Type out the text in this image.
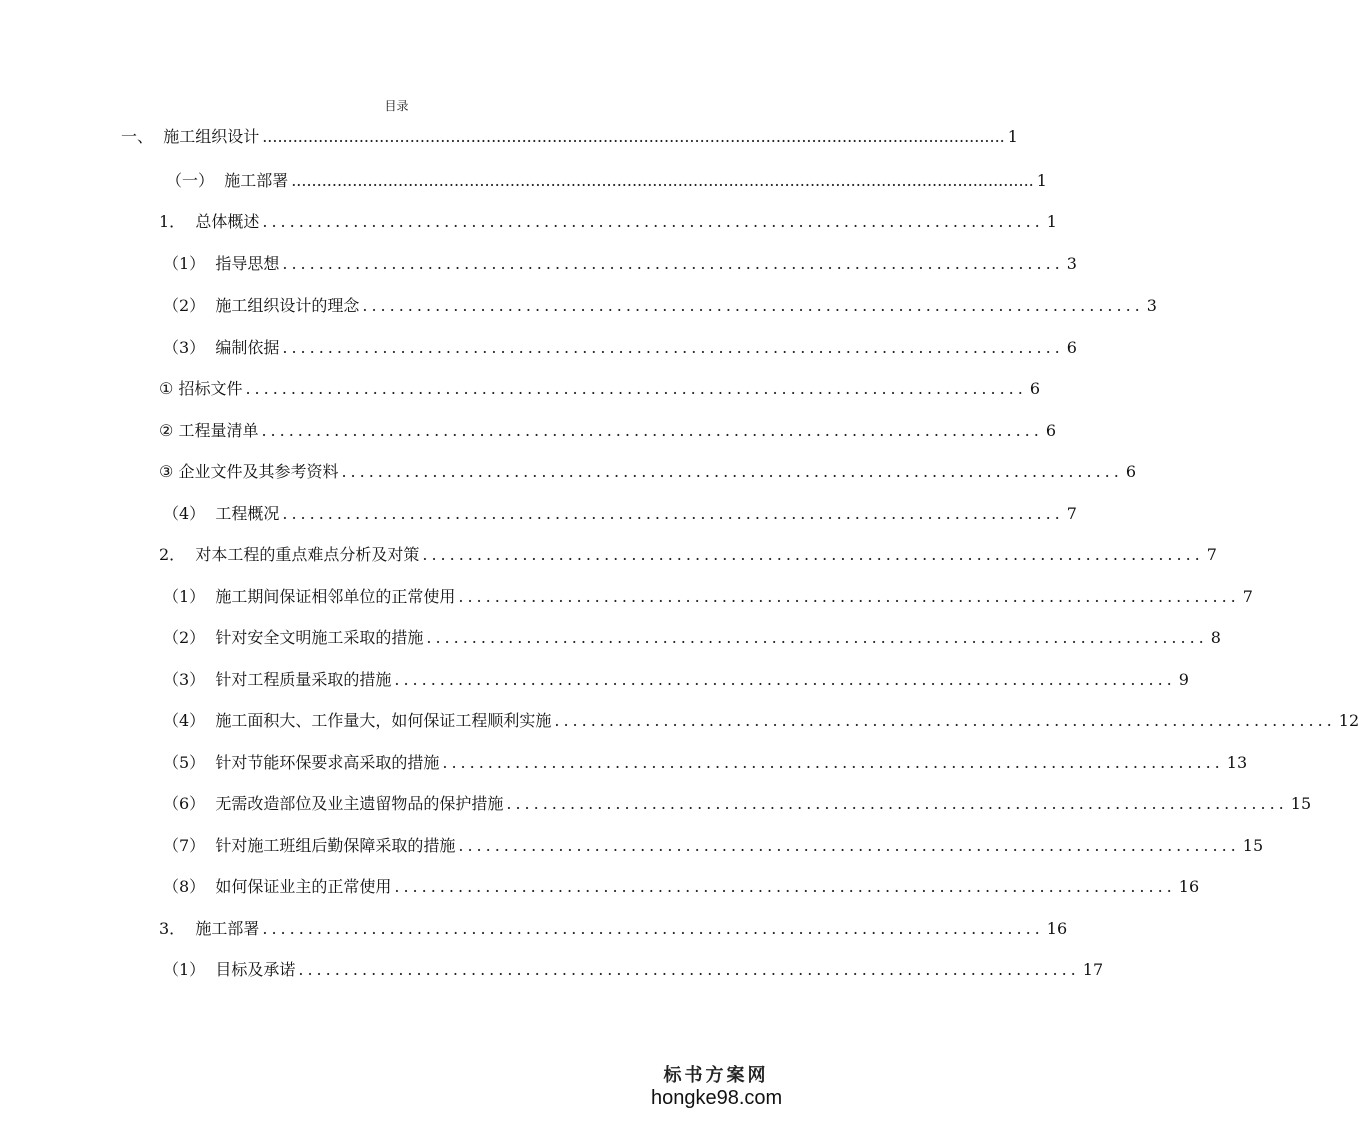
目录
一、 施工组织设计 .................................................................................................................................................. 1
（一） 施工部署 .................................................................................................................................................. 1
1． 总体概述 ...................................................................................... 1
（1） 指导思想 ...................................................................................... 3
（2） 施工组织设计的理念 ...................................................................................... 3
（3） 编制依据 ...................................................................................... 6
① 招标文件 ...................................................................................... 6
② 工程量清单 ...................................................................................... 6
③ 企业文件及其参考资料 ...................................................................................... 6
（4） 工程概况 ...................................................................................... 7
2． 对本工程的重点难点分析及对策 ...................................................................................... 7
（1） 施工期间保证相邻单位的正常使用 ...................................................................................... 7
（2） 针对安全文明施工采取的措施 ...................................................................................... 8
（3） 针对工程质量采取的措施 ...................................................................................... 9
（4） 施工面积大、工作量大，如何保证工程顺利实施 ...................................................................................... 12
（5） 针对节能环保要求高采取的措施 ...................................................................................... 13
（6） 无需改造部位及业主遗留物品的保护措施 ...................................................................................... 15
（7） 针对施工班组后勤保障采取的措施 ...................................................................................... 15
（8） 如何保证业主的正常使用 ...................................................................................... 16
3． 施工部署 ...................................................................................... 16
（1） 目标及承诺 ...................................................................................... 17
标书方案网
hongke98.com
